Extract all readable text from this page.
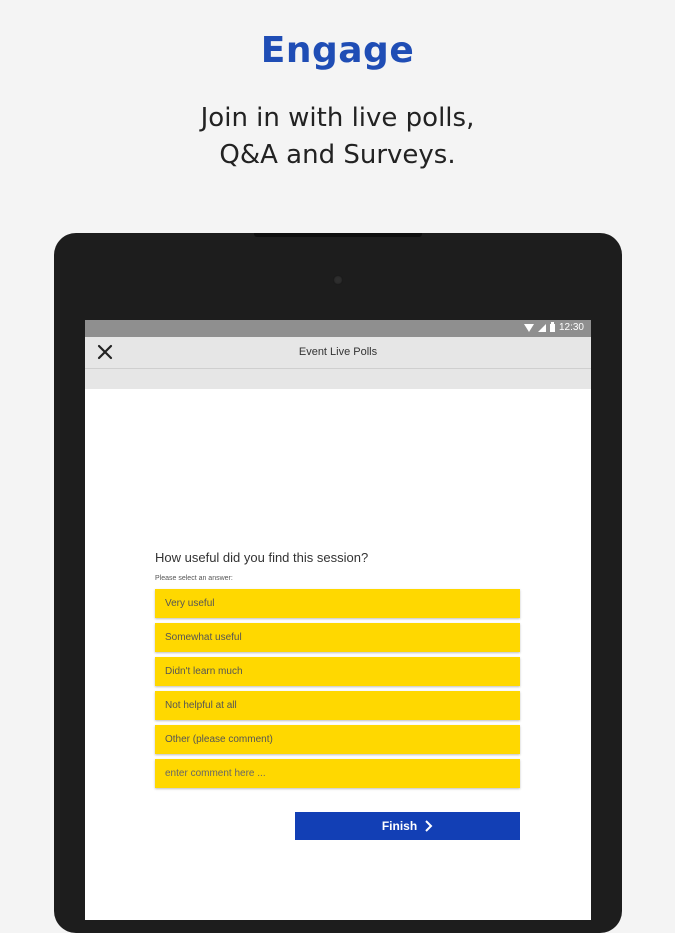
Engage
Join in with live polls,
Q&A and Surveys.
12:30
Event Live Polls

How useful did you find this session?

Please select an answer:

Very useful
Somewhat useful
Didn't learn much
Not helpful at all
Other (please comment)
enter comment here ...
Finish
